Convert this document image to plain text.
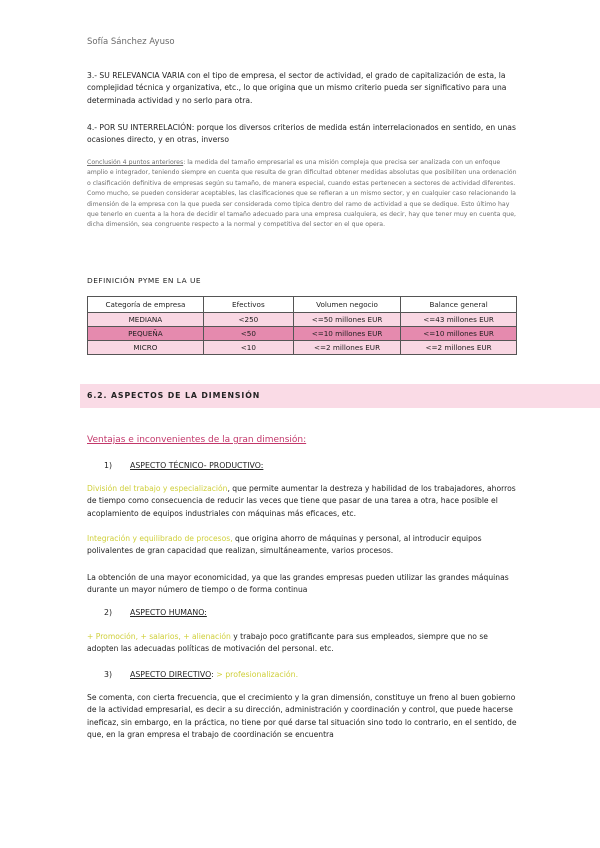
Sofía Sánchez Ayuso
3.- SU RELEVANCIA VARIA con el tipo de empresa, el sector de actividad, el grado de capitalización de esta, la complejidad técnica y organizativa, etc., lo que origina que un mismo criterio pueda ser significativo para una determinada actividad y no serlo para otra.
4.- POR SU INTERRELACIÓN: porque los diversos criterios de medida están interrelacionados en sentido, en unas ocasiones directo, y en otras, inverso
Conclusión 4 puntos anteriores: la medida del tamaño empresarial es una misión compleja que precisa ser analizada con un enfoque amplio e integrador, teniendo siempre en cuenta que resulta de gran dificultad obtener medidas absolutas que posibiliten una ordenación o clasificación definitiva de empresas según su tamaño, de manera especial, cuando estas pertenecen a sectores de actividad diferentes. Como mucho, se pueden considerar aceptables, las clasificaciones que se refieran a un mismo sector, y en cualquier caso relacionando la dimensión de la empresa con la que pueda ser considerada como típica dentro del ramo de actividad a que se dedique. Esto último hay que tenerlo en cuenta a la hora de decidir el tamaño adecuado para una empresa cualquiera, es decir, hay que tener muy en cuenta que, dicha dimensión, sea congruente respecto a la normal y competitiva del sector en el que opera.
DEFINICIÓN PYME EN LA UE
Categoría de empresa	Efectivos	Volumen negocio	Balance general
MEDIANA	<250	<=50 millones EUR	<=43 millones EUR
PEQUEÑA	<50	<=10 millones EUR	<=10 millones EUR
MICRO	<10	<=2 millones EUR	<=2 millones EUR
6.2. ASPECTOS DE LA DIMENSIÓN
Ventajas e inconvenientes de la gran dimensión:
1) ASPECTO TÉCNICO- PRODUCTIVO:
División del trabajo y especialización, que permite aumentar la destreza y habilidad de los trabajadores, ahorros de tiempo como consecuencia de reducir las veces que tiene que pasar de una tarea a otra, hace posible el acoplamiento de equipos industriales con máquinas más eficaces, etc.
Integración y equilibrado de procesos, que origina ahorro de máquinas y personal, al introducir equipos polivalentes de gran capacidad que realizan, simultáneamente, varios procesos.
La obtención de una mayor economicidad, ya que las grandes empresas pueden utilizar las grandes máquinas durante un mayor número de tiempo o de forma continua
2) ASPECTO HUMANO:
+ Promoción, + salarios, + alienación y trabajo poco gratificante para sus empleados, siempre que no se adopten las adecuadas políticas de motivación del personal. etc.
3) ASPECTO DIRECTIVO: > profesionalización.
Se comenta, con cierta frecuencia, que el crecimiento y la gran dimensión, constituye un freno al buen gobierno de la actividad empresarial, es decir a su dirección, administración y coordinación y control, que puede hacerse ineficaz, sin embargo, en la práctica, no tiene por qué darse tal situación sino todo lo contrario, en el sentido, de que, en la gran empresa el trabajo de coordinación se encuentra
